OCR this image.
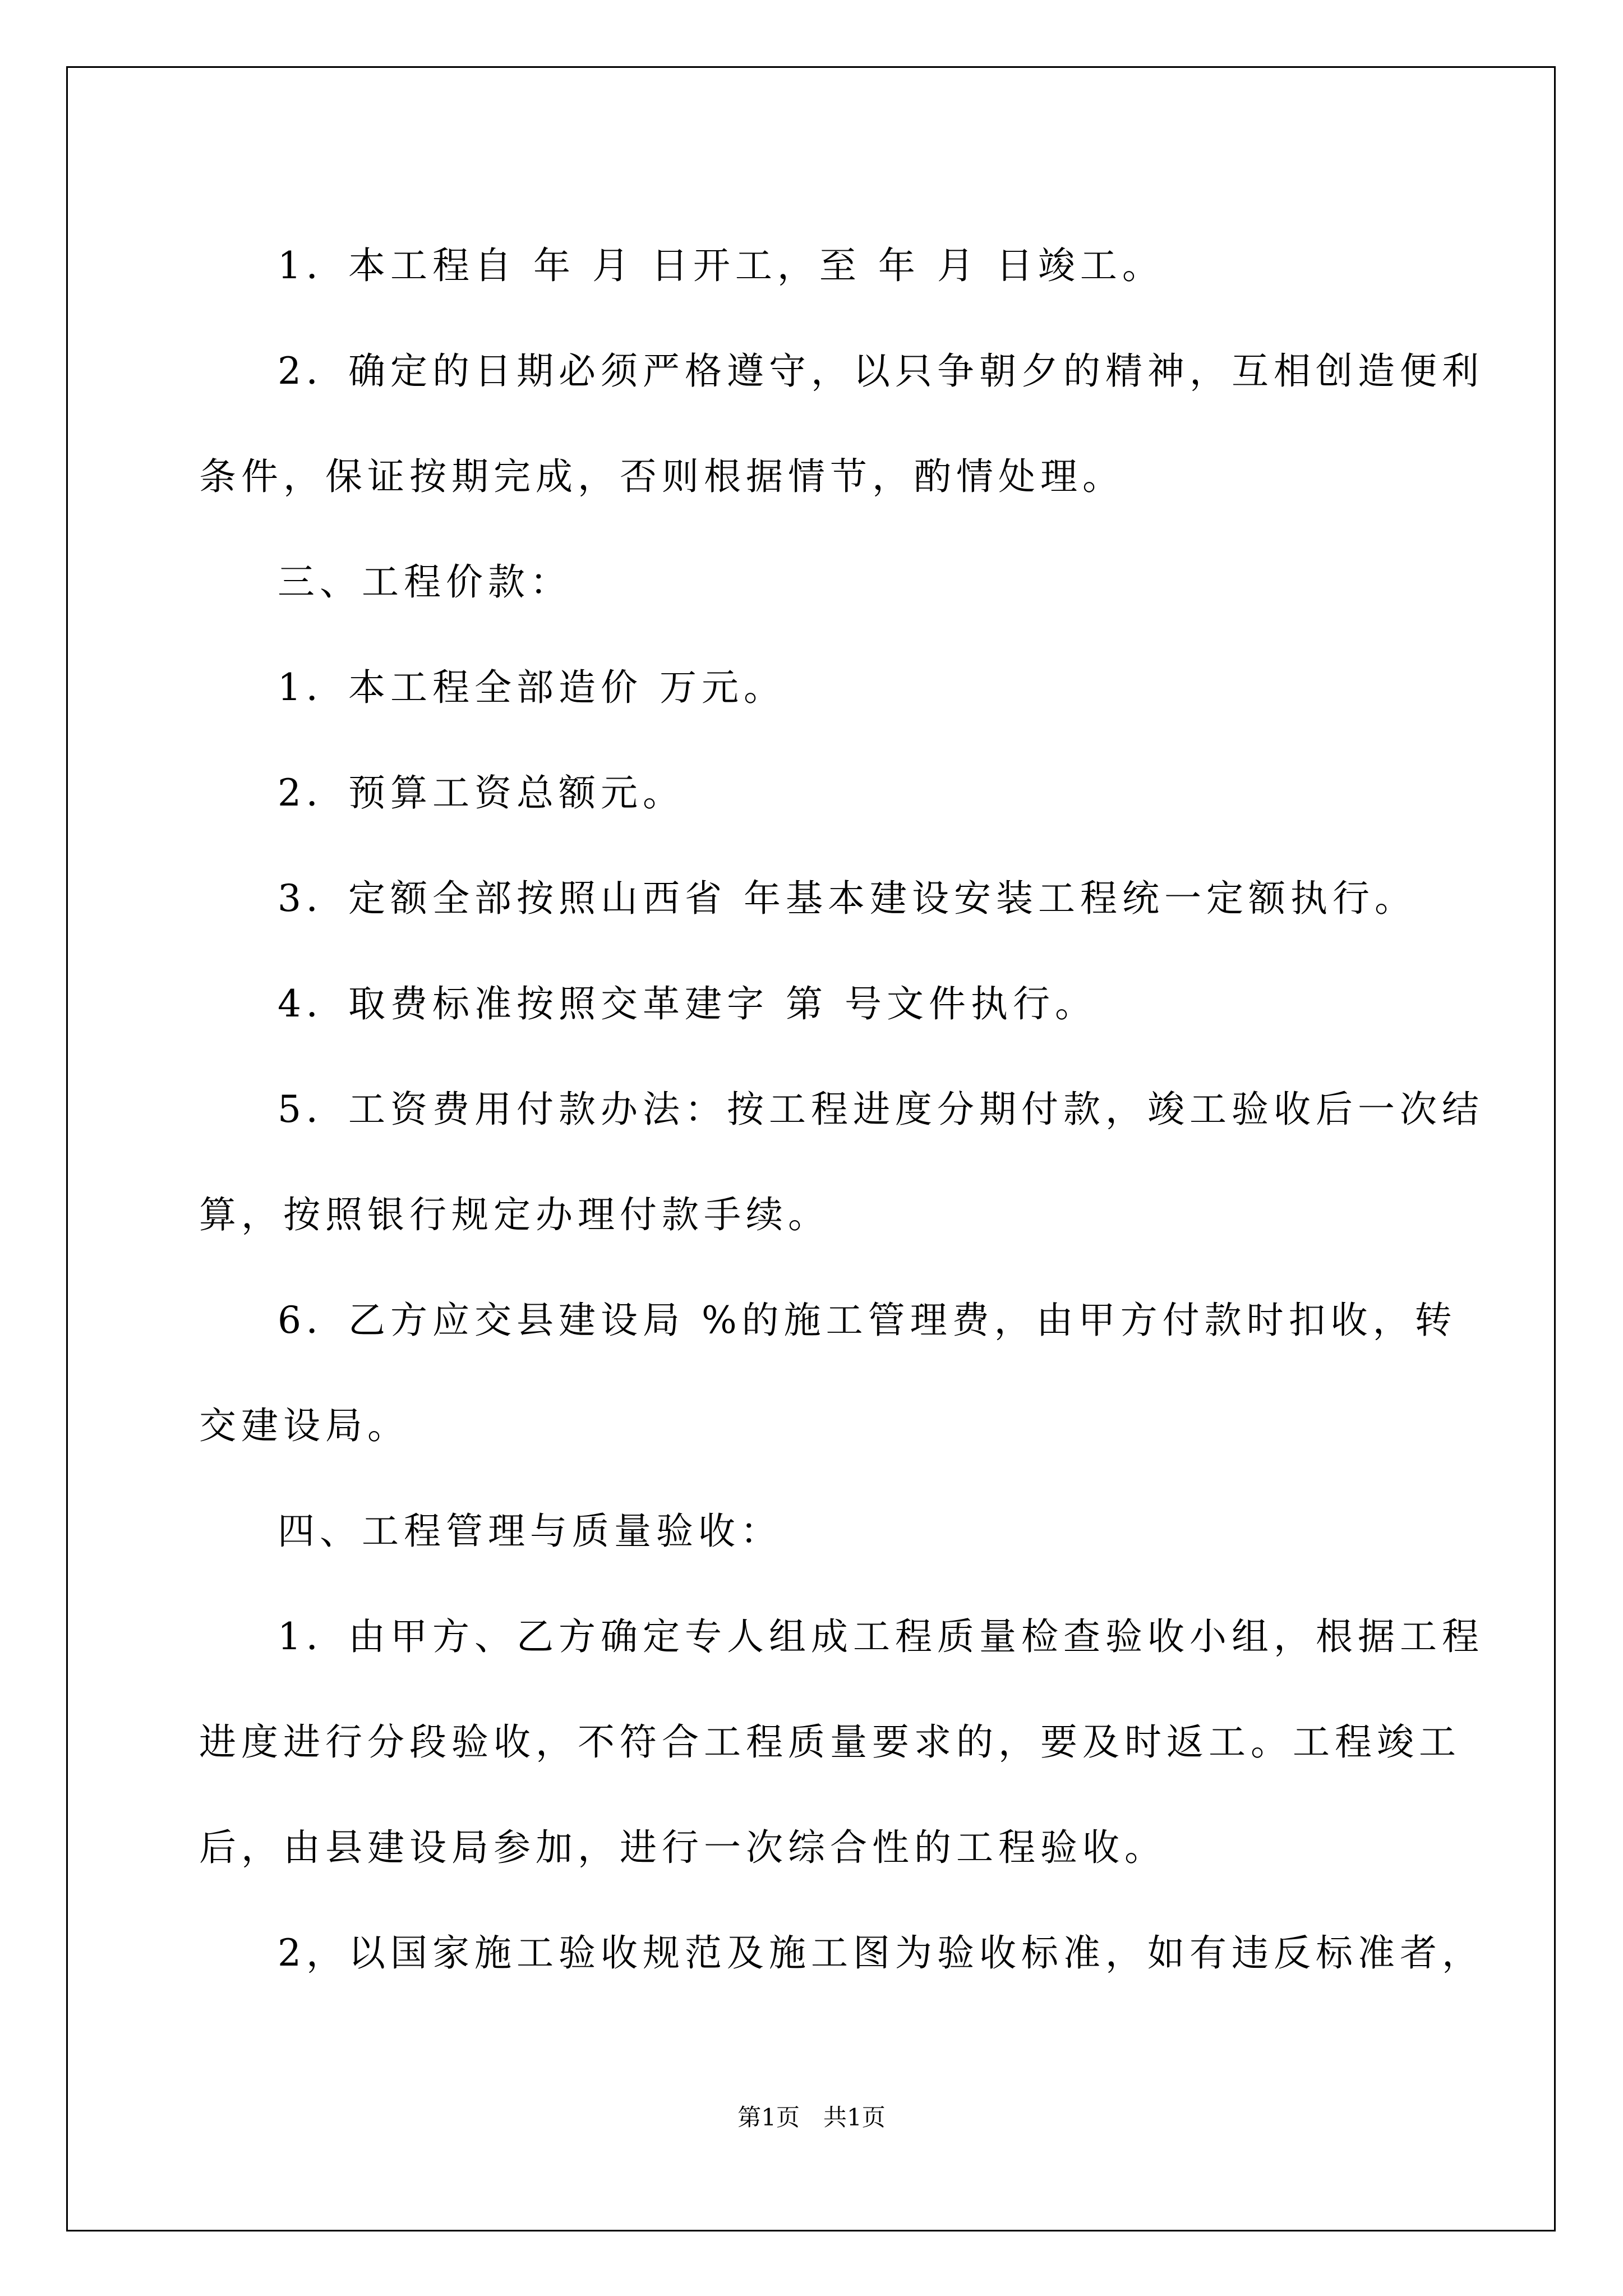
1．本工程自 年 月 日开工，至 年 月 日竣工。

2．确定的日期必须严格遵守，以只争朝夕的精神，互相创造便利

条件，保证按期完成，否则根据情节，酌情处理。

三、工程价款：

1．本工程全部造价 万元。

2．预算工资总额元。

3．定额全部按照山西省 年基本建设安装工程统一定额执行。

4．取费标准按照交革建字 第 号文件执行。

5．工资费用付款办法：按工程进度分期付款，竣工验收后一次结

算，按照银行规定办理付款手续。

6．乙方应交县建设局 %的施工管理费，由甲方付款时扣收，转

交建设局。

四、工程管理与质量验收：

1．由甲方、乙方确定专人组成工程质量检查验收小组，根据工程

进度进行分段验收，不符合工程质量要求的，要及时返工。工程竣工

后，由县建设局参加，进行一次综合性的工程验收。

2，以国家施工验收规范及施工图为验收标准，如有违反标准者，

第1页　共1页
